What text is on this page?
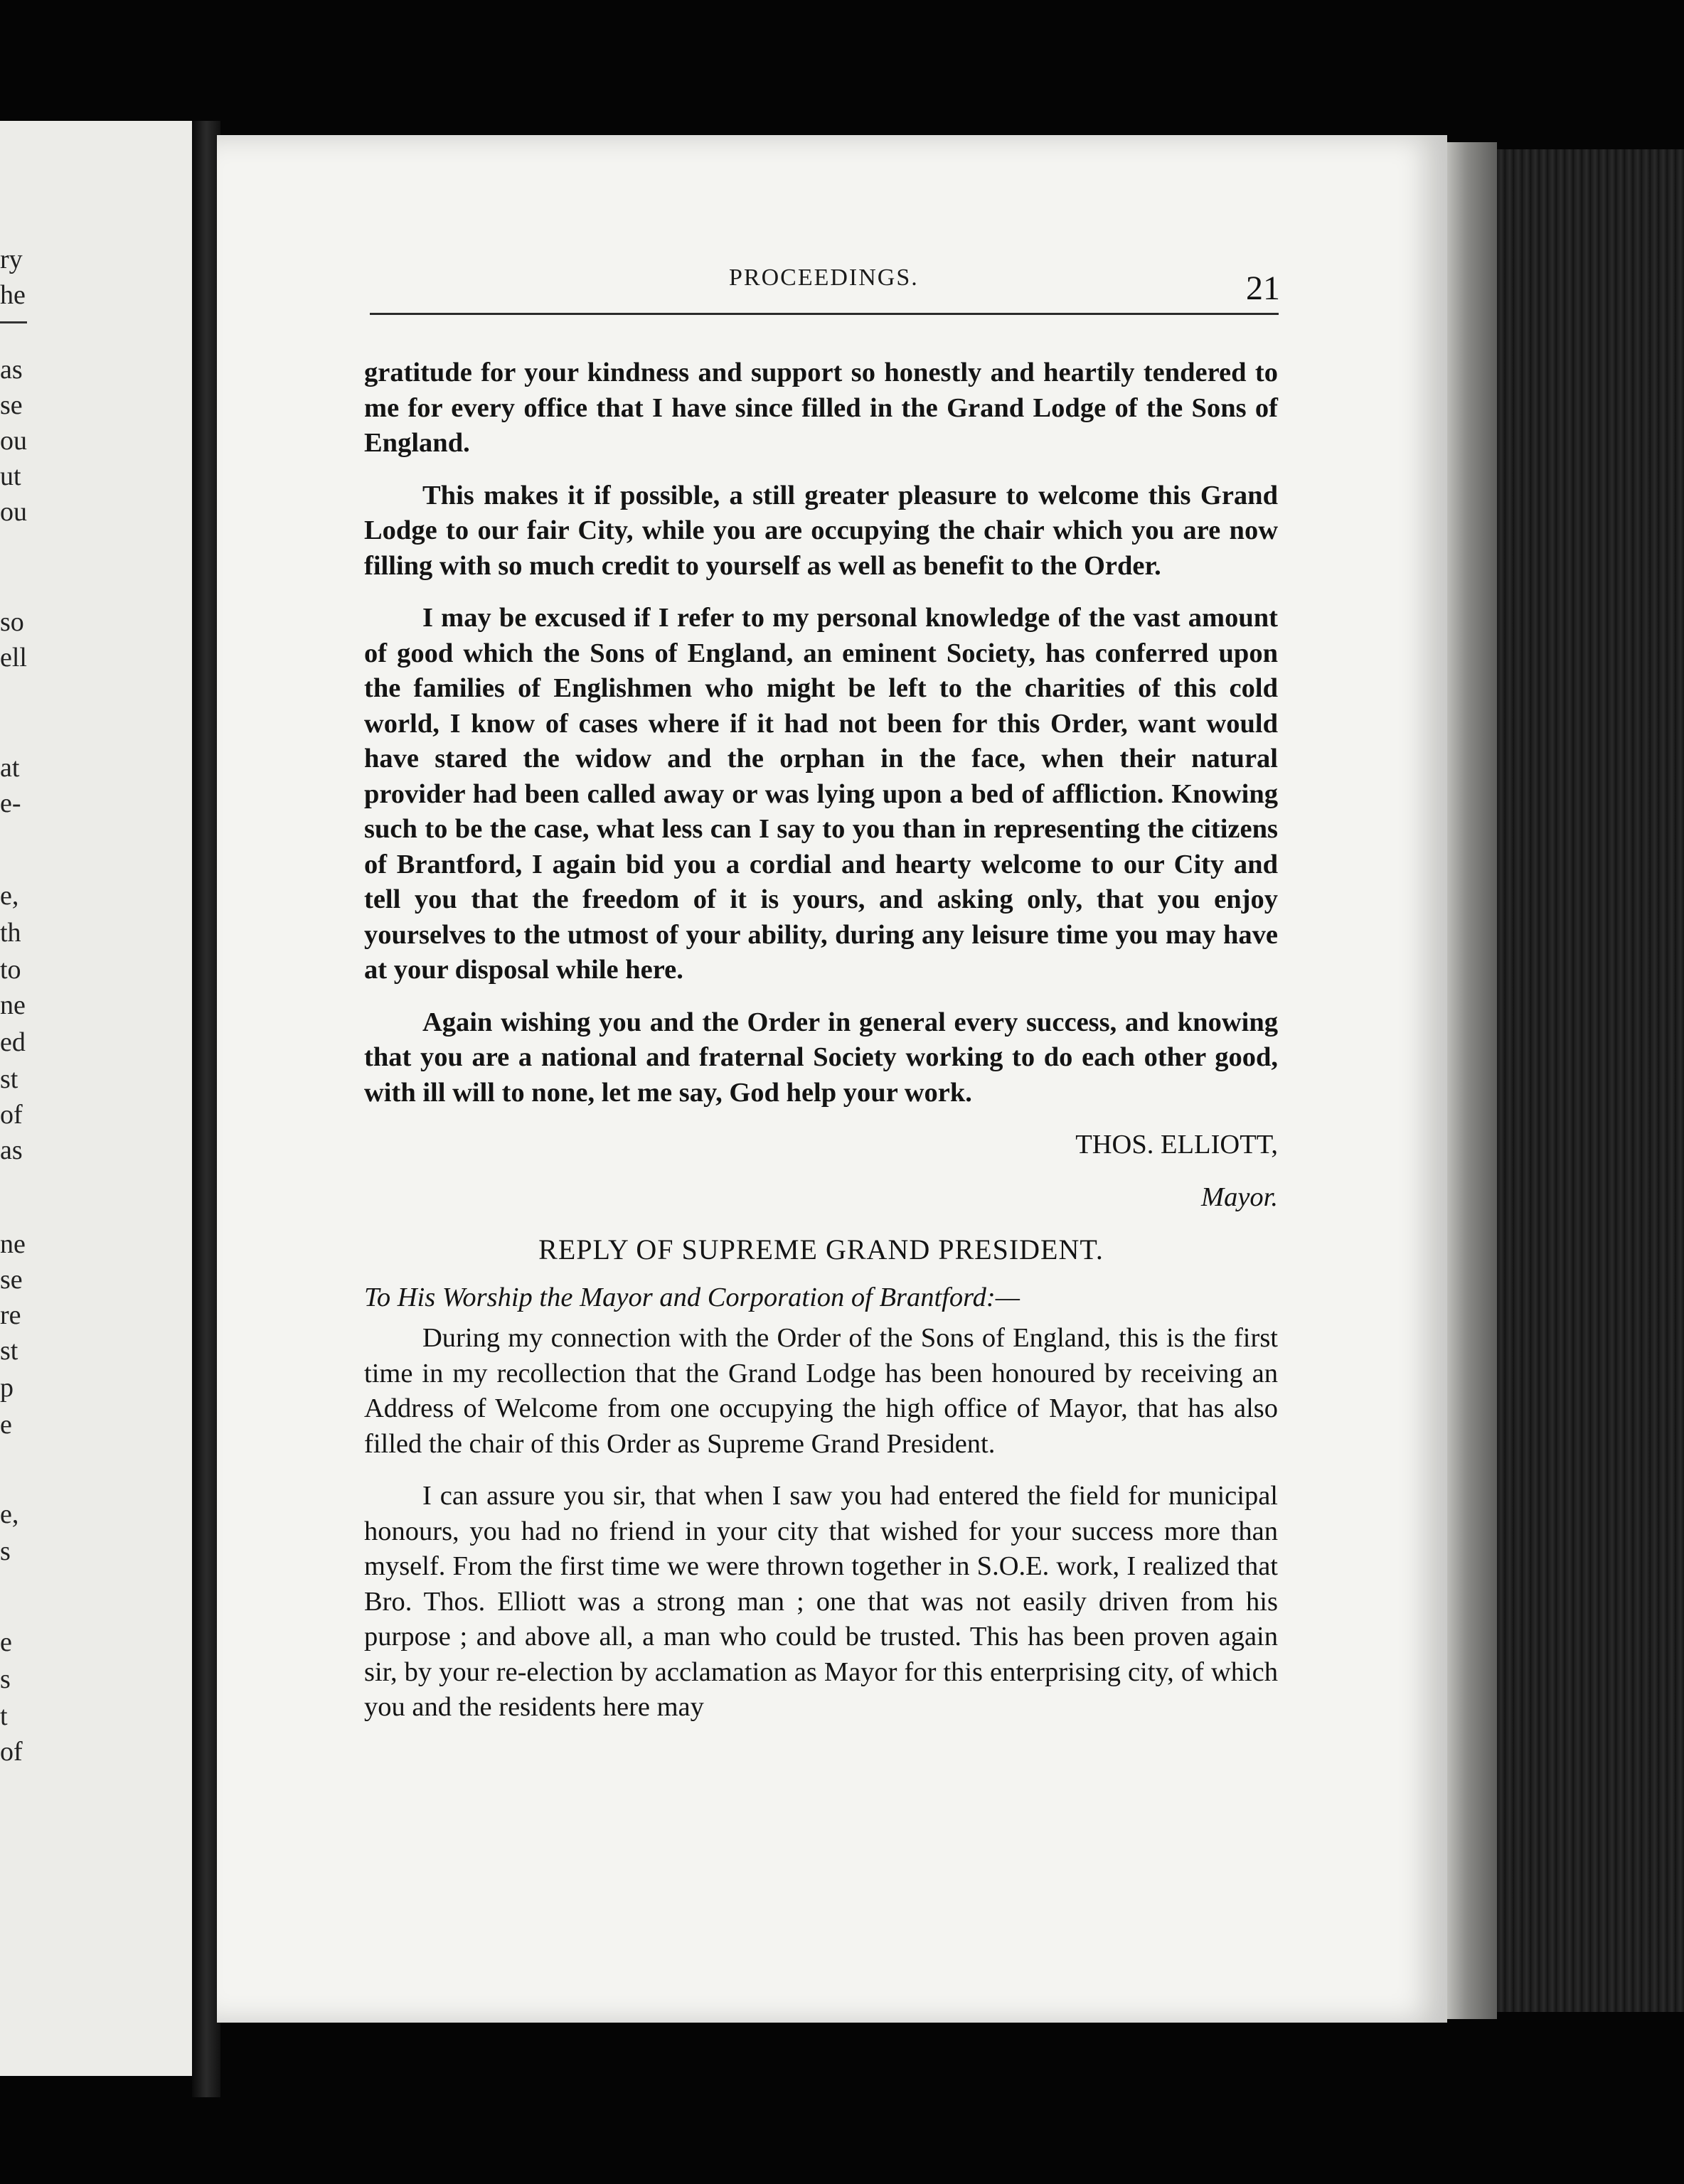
ry
he
as
se
ou
ut
ou
so
ell
at
e-
e,
th
to
ne
ed
st
of
as
ne
se
re
st
p
e
e,
s
e
s
t
of
PROCEEDINGS.	21

gratitude for your kindness and support so honestly and heartily tendered to me for every office that I have since filled in the Grand Lodge of the Sons of England.

This makes it if possible, a still greater pleasure to welcome this Grand Lodge to our fair City, while you are occupying the chair which you are now filling with so much credit to yourself as well as benefit to the Order.

I may be excused if I refer to my personal knowledge of the vast amount of good which the Sons of England, an eminent Society, has conferred upon the families of Englishmen who might be left to the charities of this cold world, I know of cases where if it had not been for this Order, want would have stared the widow and the orphan in the face, when their natural provider had been called away or was lying upon a bed of affliction. Knowing such to be the case, what less can I say to you than in representing the citizens of Brantford, I again bid you a cordial and hearty welcome to our City and tell you that the freedom of it is yours, and asking only, that you enjoy yourselves to the utmost of your ability, during any leisure time you may have at your disposal while here.

Again wishing you and the Order in general every success, and knowing that you are a national and fraternal Society working to do each other good, with ill will to none, let me say, God help your work.

THOS. ELLIOTT,

Mayor.

REPLY OF SUPREME GRAND PRESIDENT.

To His Worship the Mayor and Corporation of Brantford:—

During my connection with the Order of the Sons of England, this is the first time in my recollection that the Grand Lodge has been honoured by receiving an Address of Welcome from one occupying the high office of Mayor, that has also filled the chair of this Order as Supreme Grand President.

I can assure you sir, that when I saw you had entered the field for municipal honours, you had no friend in your city that wished for your success more than myself. From the first time we were thrown together in S.O.E. work, I realized that Bro. Thos. Elliott was a strong man ; one that was not easily driven from his purpose ; and above all, a man who could be trusted. This has been proven again sir, by your re-election by acclamation as Mayor for this enterprising city, of which you and the residents here may
